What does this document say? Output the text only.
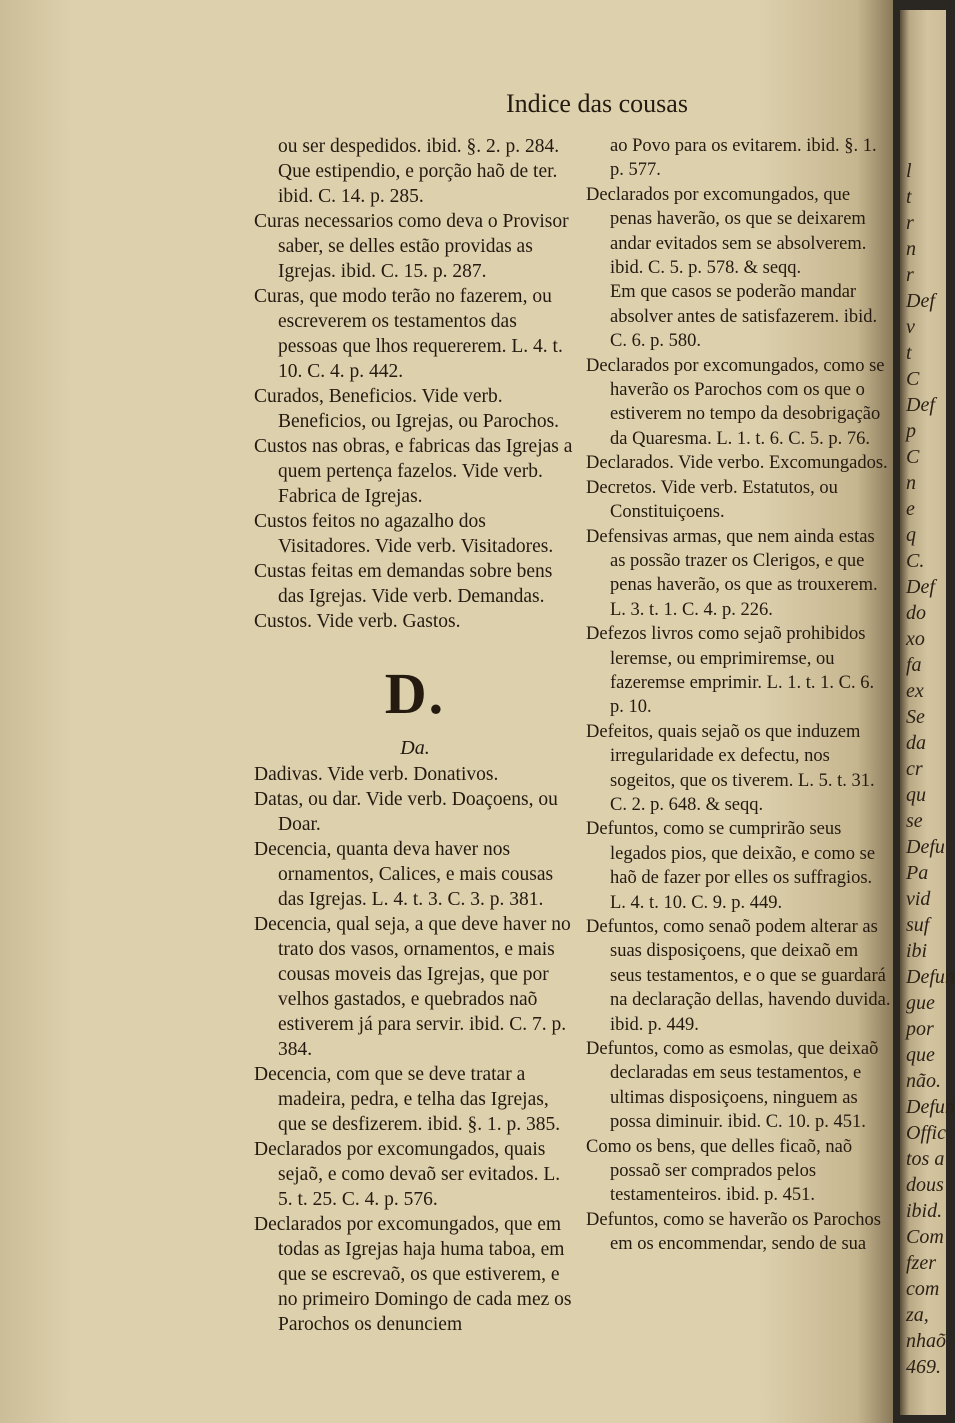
Indice das cousas

ou ser despedidos. ibid. §. 2. p. 284.

Que estipendio, e porção haõ de ter. ibid. C. 14. p. 285.

Curas necessarios como deva o Provisor saber, se delles estão providas as Igrejas. ibid. C. 15. p. 287.

Curas, que modo terão no fazerem, ou escreverem os testamentos das pessoas que lhos requererem. L. 4. t. 10. C. 4. p. 442.

Curados, Beneficios. Vide verb. Beneficios, ou Igrejas, ou Parochos.

Custos nas obras, e fabricas das Igrejas a quem pertença fazelos. Vide verb. Fabrica de Igrejas.

Custos feitos no agazalho dos Visitadores. Vide verb. Visitadores.

Custas feitas em demandas sobre bens das Igrejas. Vide verb. Demandas.

Custos. Vide verb. Gastos.

D.
Da.

Dadivas. Vide verb. Donativos.

Datas, ou dar. Vide verb. Doaçoens, ou Doar.

Decencia, quanta deva haver nos ornamentos, Calices, e mais cousas das Igrejas. L. 4. t. 3. C. 3. p. 381.

Decencia, qual seja, a que deve haver no trato dos vasos, ornamentos, e mais cousas moveis das Igrejas, que por velhos gastados, e quebrados naõ estiverem já para servir. ibid. C. 7. p. 384.

Decencia, com que se deve tratar a madeira, pedra, e telha das Igrejas, que se desfizerem. ibid. §. 1. p. 385.

Declarados por excomungados, quais sejaõ, e como devaõ ser evitados. L. 5. t. 25. C. 4. p. 576.

Declarados por excomungados, que em todas as Igrejas haja huma taboa, em que se escrevaõ, os que estiverem, e no primeiro Domingo de cada mez os Parochos os denunciem

ao Povo para os evitarem. ibid. §. 1. p. 577.

Declarados por excomungados, que penas haverão, os que se deixarem andar evitados sem se absolverem. ibid. C. 5. p. 578. & seqq.

Em que casos se poderão mandar absolver antes de satisfazerem. ibid. C. 6. p. 580.

Declarados por excomungados, como se haverão os Parochos com os que o estiverem no tempo da desobrigação da Quaresma. L. 1. t. 6. C. 5. p. 76.

Declarados. Vide verbo. Excomungados.

Decretos. Vide verb. Estatutos, ou Constituiçoens.

Defensivas armas, que nem ainda estas as possão trazer os Clerigos, e que penas haverão, os que as trouxerem. L. 3. t. 1. C. 4. p. 226.

Defezos livros como sejaõ prohibidos leremse, ou emprimiremse, ou fazeremse emprimir. L. 1. t. 1. C. 6. p. 10.

Defeitos, quais sejaõ os que induzem irregularidade ex defectu, nos sogeitos, que os tiverem. L. 5. t. 31. C. 2. p. 648. & seqq.

Defuntos, como se cumprirão seus legados pios, que deixão, e como se haõ de fazer por elles os suffragios. L. 4. t. 10. C. 9. p. 449.

Defuntos, como senaõ podem alterar as suas disposiçoens, que deixaõ em seus testamentos, e o que se guardará na declaração dellas, havendo duvida. ibid. p. 449.

Defuntos, como as esmolas, que deixaõ declaradas em seus testamentos, e ultimas disposiçoens, ninguem as possa diminuir. ibid. C. 10. p. 451.

Como os bens, que delles ficaõ, naõ possaõ ser comprados pelos testamenteiros. ibid. p. 451.

Defuntos, como se haverão os Parochos em os encommendar, sendo de sua

l
t
r
n
r
Def
v
t
C
Def
p
C
n
e
q
C.
Def
do
xo
fa
ex
Se
da
cr
qu
se
Defu
Pa
vid
suf
ibi
Defun
gue
por
que
não.
Defun
Offic
tos a
dous
ibid.
Com
fzer
com
za,
nhaõ
469.
